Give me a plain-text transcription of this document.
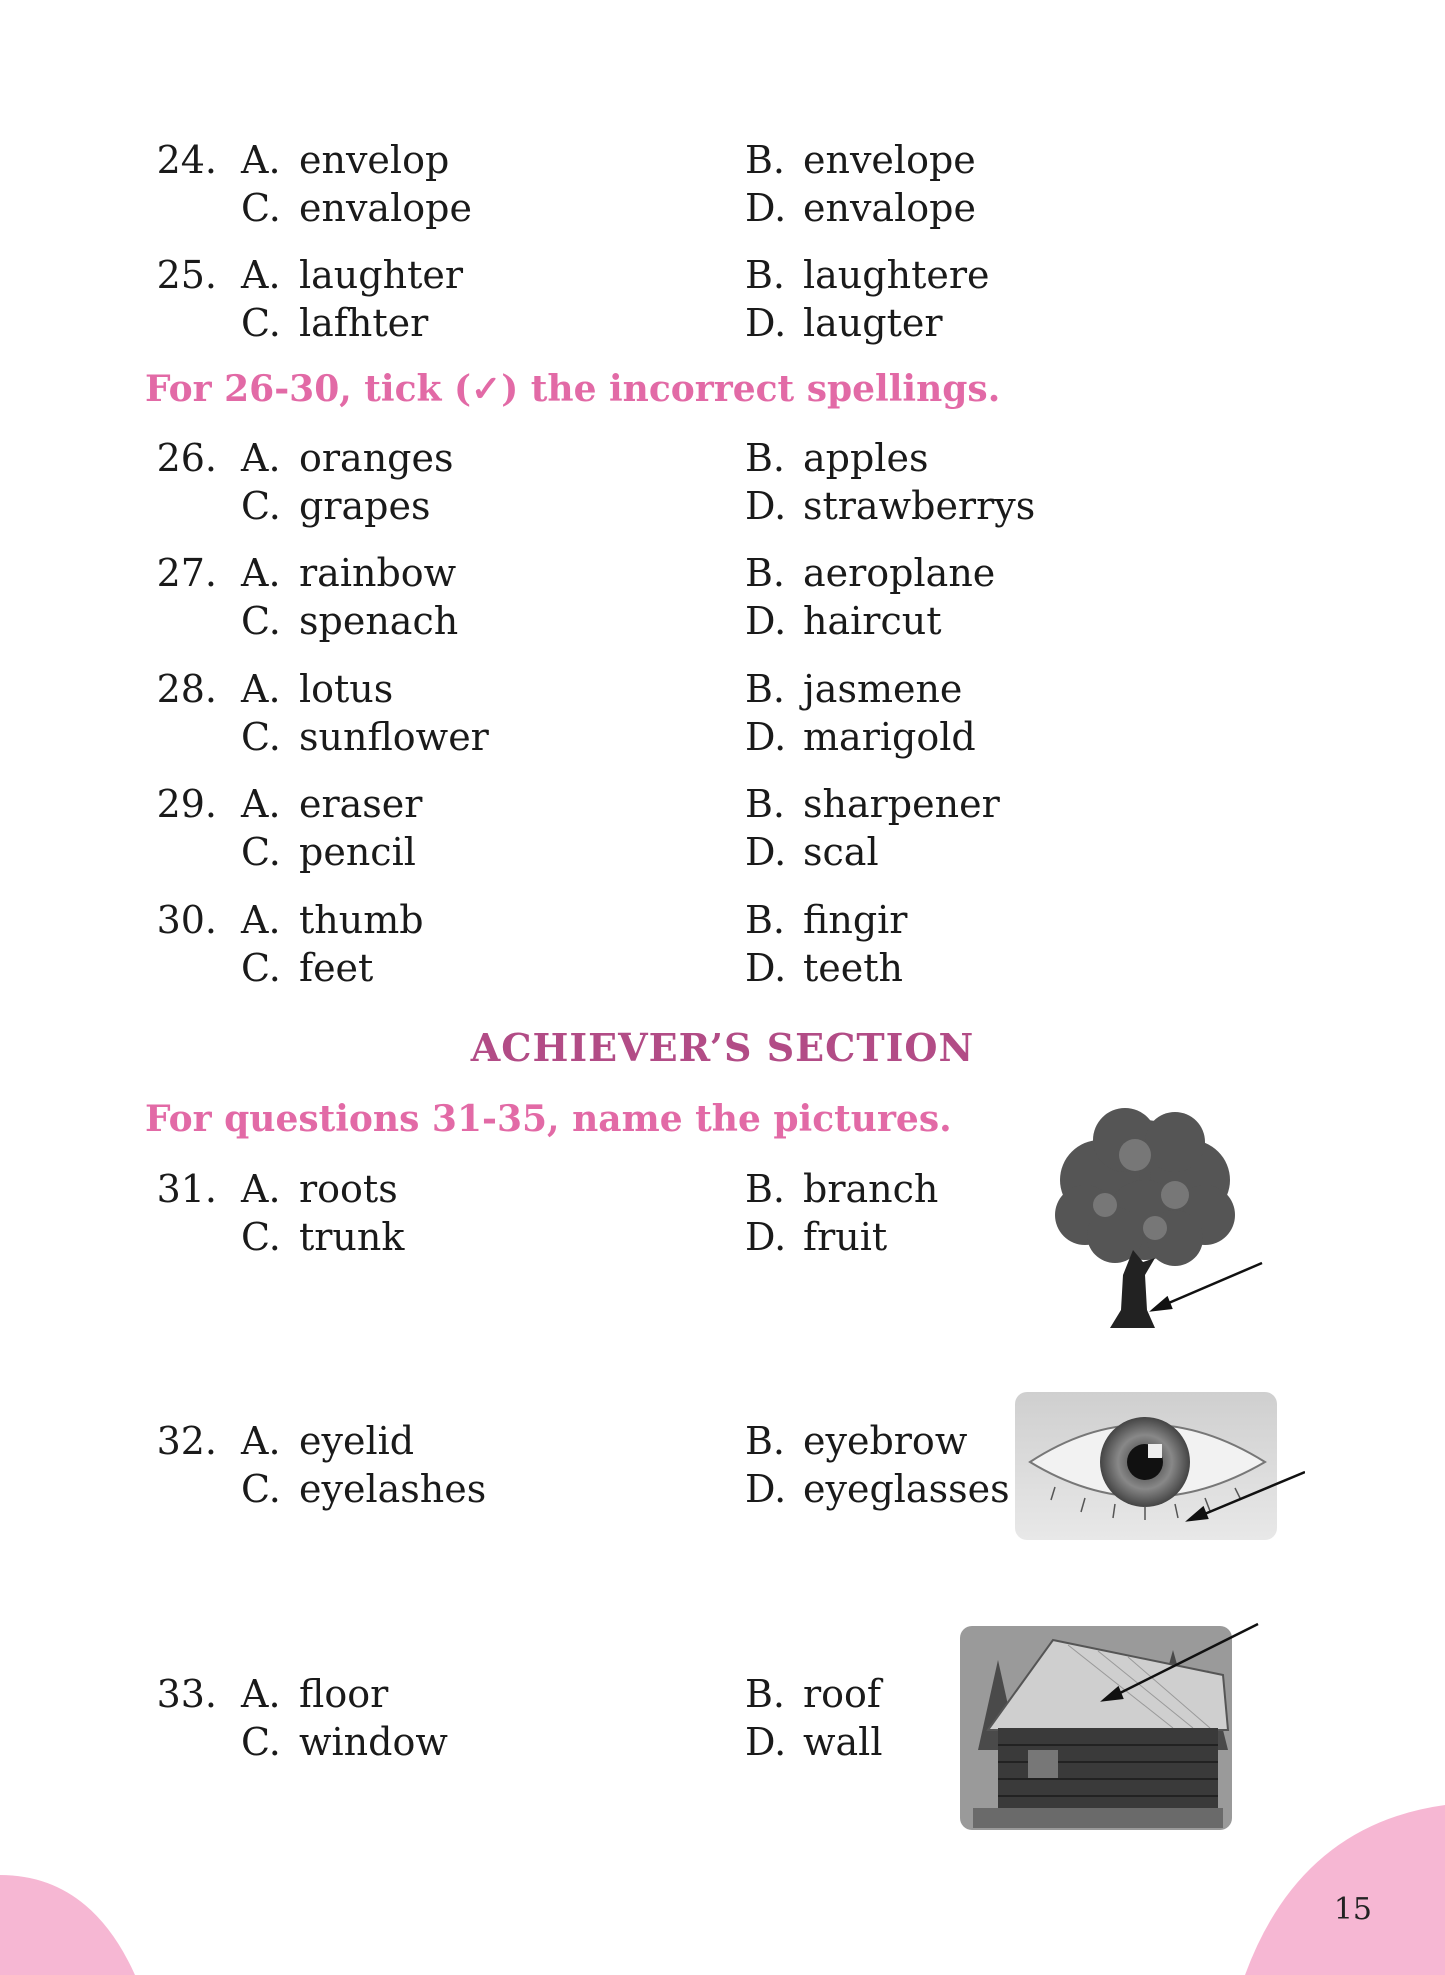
24. A. envelop	B. envelope
C. envalope	D. envalope
25. A. laughter	B. laughtere
C. lafhter	D. laugter
For 26-30, tick (✓) the incorrect spellings.
26. A. oranges	B. apples
C. grapes	D. strawberrys
27. A. rainbow	B. aeroplane
C. spenach	D. haircut
28. A. lotus	B. jasmene
C. sunflower	D. marigold
29. A. eraser	B. sharpener
C. pencil	D. scal
30. A. thumb	B. fingir
C. feet	D. teeth
ACHIEVER’S SECTION
For questions 31-35, name the pictures.
31. A. roots	B. branch
C. trunk	D. fruit
32. A. eyelid	B. eyebrow
C. eyelashes	D. eyeglasses
33. A. floor	B. roof
C. window	D. wall
15
